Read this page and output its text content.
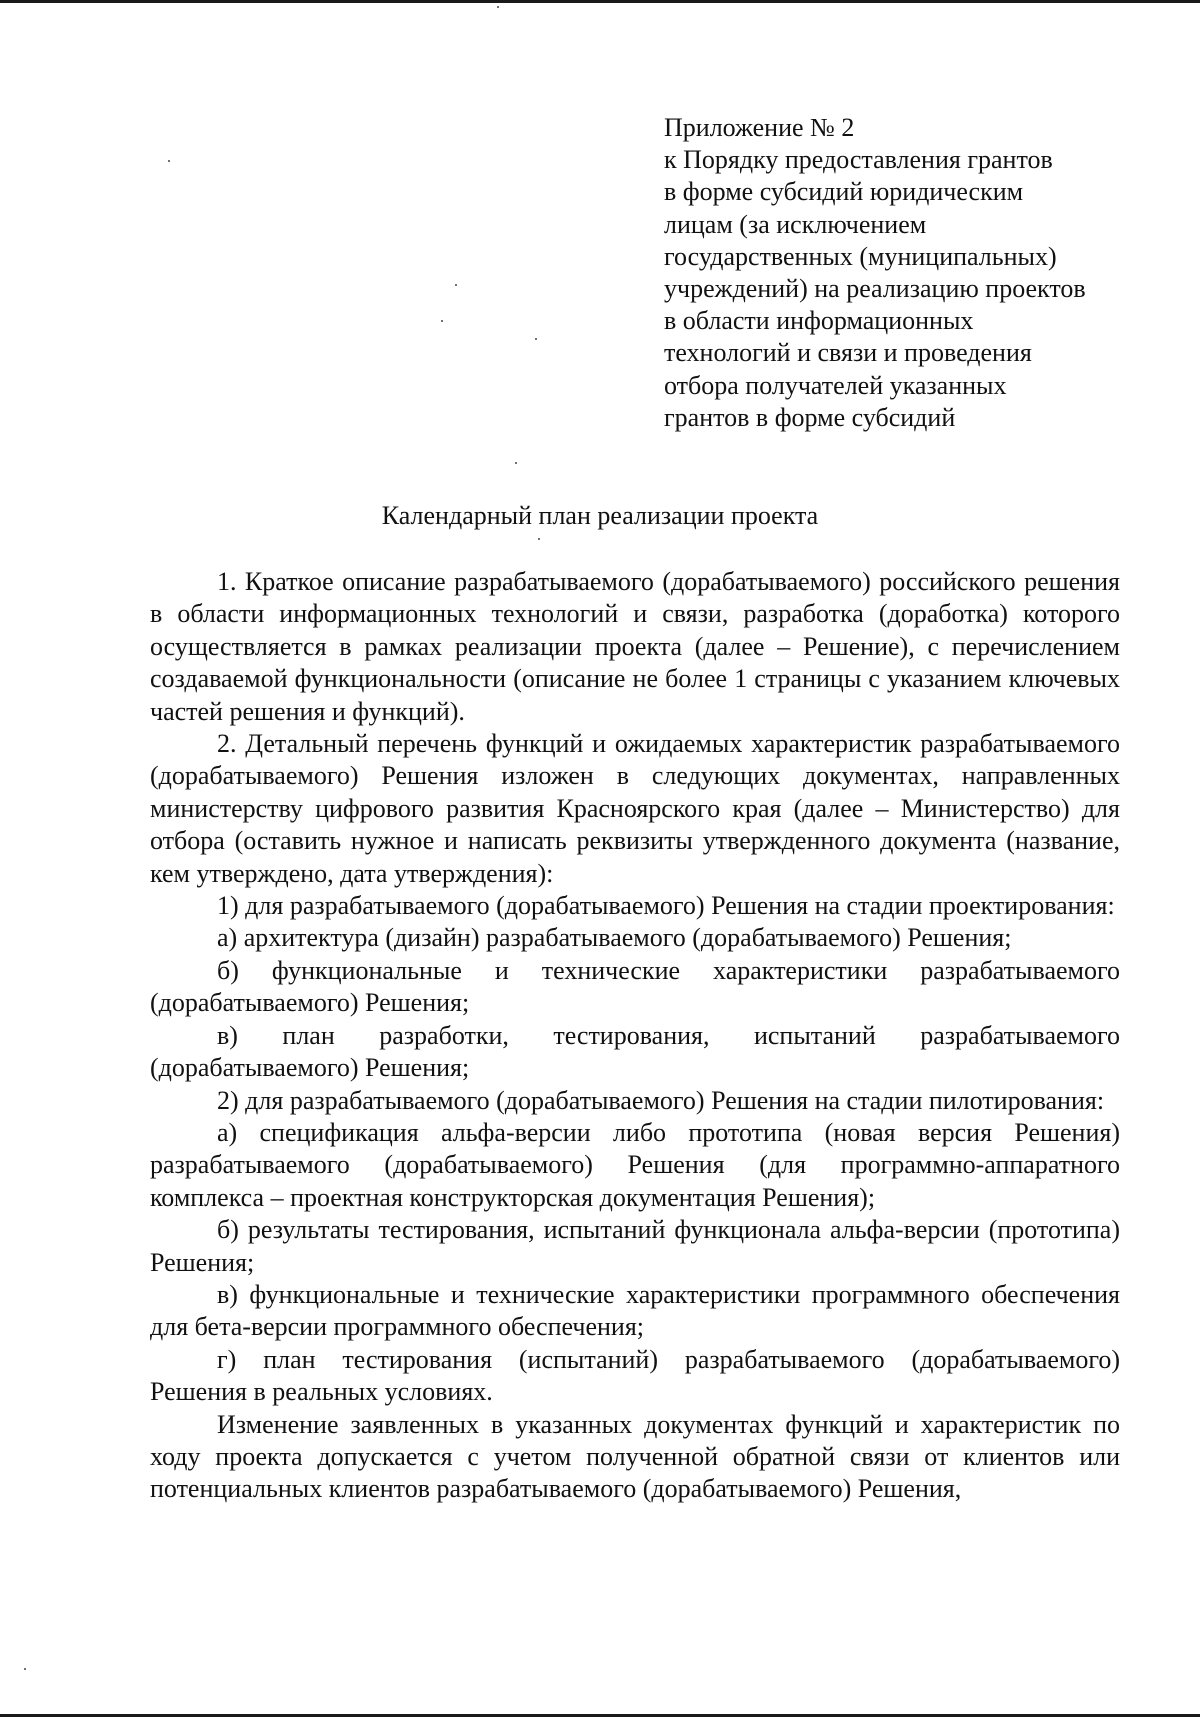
Приложение № 2
к Порядку предоставления грантов
в форме субсидий юридическим
лицам (за исключением
государственных (муниципальных)
учреждений) на реализацию проектов
в области информационных
технологий и связи и проведения
отбора получателей указанных
грантов в форме субсидий
Календарный план реализации проекта

1. Краткое описание разрабатываемого (дорабатываемого) российского решения в области информационных технологий и связи, разработка (доработка) которого осуществляется в рамках реализации проекта (далее – Решение), с перечислением создаваемой функциональности (описание не более 1 страницы с указанием ключевых частей решения и функций).

2. Детальный перечень функций и ожидаемых характеристик разрабатываемого (дорабатываемого) Решения изложен в следующих документах, направленных министерству цифрового развития Красноярского края (далее – Министерство) для отбора (оставить нужное и написать реквизиты утвержденного документа (название, кем утверждено, дата утверждения):

1) для разрабатываемого (дорабатываемого) Решения на стадии проектирования:

а) архитектура (дизайн) разрабатываемого (дорабатываемого) Решения;

б) функциональные и технические характеристики разрабатываемого (дорабатываемого) Решения;

в) план разработки, тестирования, испытаний разрабатываемого (дорабатываемого) Решения;

2) для разрабатываемого (дорабатываемого) Решения на стадии пилотирования:

а) спецификация альфа-версии либо прототипа (новая версия Решения) разрабатываемого (дорабатываемого) Решения (для программно-аппаратного комплекса – проектная конструкторская документация Решения);

б) результаты тестирования, испытаний функционала альфа-версии (прототипа) Решения;

в) функциональные и технические характеристики программного обеспечения для бета-версии программного обеспечения;

г) план тестирования (испытаний) разрабатываемого (дорабатываемого) Решения в реальных условиях.

Изменение заявленных в указанных документах функций и характеристик по ходу проекта допускается с учетом полученной обратной связи от клиентов или потенциальных клиентов разрабатываемого (дорабатываемого) Решения,
